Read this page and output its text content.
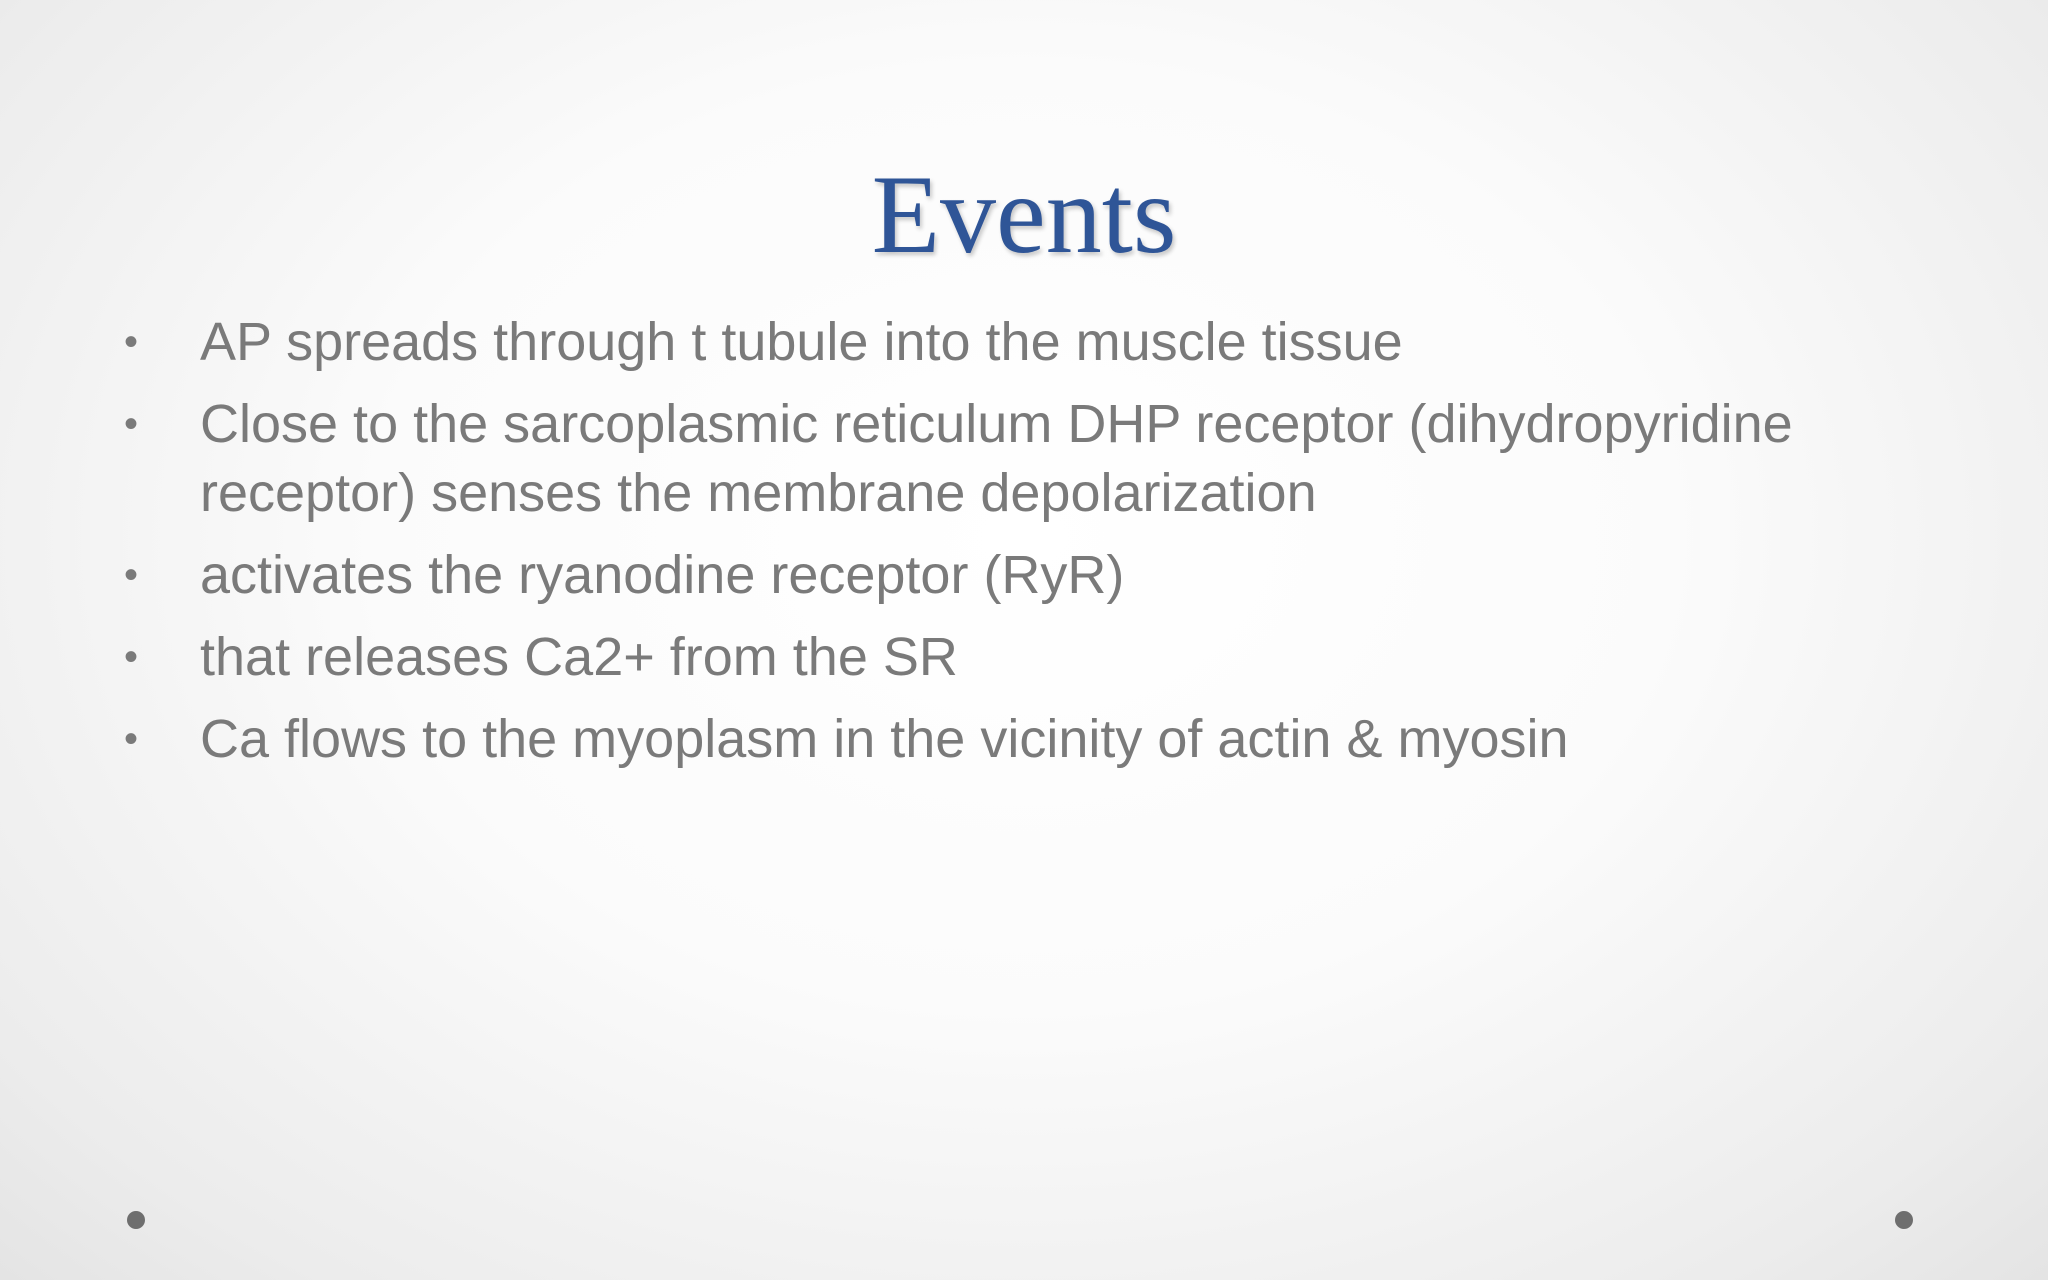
Events
• AP spreads through t tubule into the muscle tissue
• Close to the sarcoplasmic reticulum DHP receptor (dihydropyridine receptor) senses the membrane depolarization
• activates the ryanodine receptor (RyR)
• that releases Ca2+ from the SR
• Ca flows to the myoplasm in the vicinity of actin & myosin
